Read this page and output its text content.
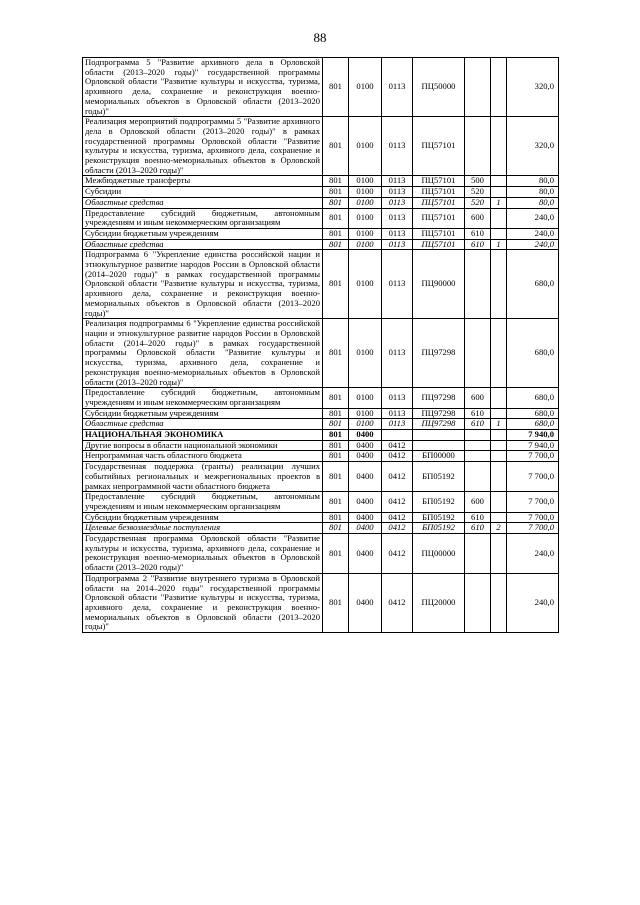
88
Подпрограмма 5 "Развитие архивного дела в Орловской области (2013–2020 годы)" государственной программы Орловской области "Развитие культуры и искусства, туризма, архивного дела, сохранение и реконструкция военно-мемориальных объектов в Орловской области (2013–2020 годы)"	801	0100	0113	ПЦ50000			320,0
Реализация мероприятий подпрограммы 5 "Развитие архивного дела в Орловской области (2013–2020 годы)" в рамках государственной программы Орловской области "Развитие культуры и искусства, туризма, архивного дела, сохранение и реконструкция военно-мемориальных объектов в Орловской области (2013–2020 годы)"	801	0100	0113	ПЦ57101			320,0
Межбюджетные трансферты	801	0100	0113	ПЦ57101	500		80,0
Субсидии	801	0100	0113	ПЦ57101	520		80,0
Областные средства	801	0100	0113	ПЦ57101	520	1	80,0
Предоставление субсидий бюджетным, автономным учреждениям и иным некоммерческим организациям	801	0100	0113	ПЦ57101	600		240,0
Субсидии бюджетным учреждениям	801	0100	0113	ПЦ57101	610		240,0
Областные средства	801	0100	0113	ПЦ57101	610	1	240,0
Подпрограмма 6 "Укрепление единства российской нации и этнокультурное развитие народов России в Орловской области (2014–2020 годы)" в рамках государственной программы Орловской области "Развитие культуры и искусства, туризма, архивного дела, сохранение и реконструкция военно-мемориальных объектов в Орловской области (2013–2020 годы)"	801	0100	0113	ПЦ90000			680,0
Реализация подпрограммы 6 "Укрепление единства российской нации и этнокультурное развитие народов России в Орловской области (2014–2020 годы)" в рамках государственной программы Орловской области "Развитие культуры и искусства, туризма, архивного дела, сохранение и реконструкция военно-мемориальных объектов в Орловской области (2013–2020 годы)"	801	0100	0113	ПЦ97298			680,0
Предоставление субсидий бюджетным, автономным учреждениям и иным некоммерческим организациям	801	0100	0113	ПЦ97298	600		680,0
Субсидии бюджетным учреждениям	801	0100	0113	ПЦ97298	610		680,0
Областные средства	801	0100	0113	ПЦ97298	610	1	680,0
НАЦИОНАЛЬНАЯ ЭКОНОМИКА	801	0400					7 940,0
Другие вопросы в области национальной экономики	801	0400	0412				7 940,0
Непрограммная часть областного бюджета	801	0400	0412	БП00000			7 700,0
Государственная поддержка (гранты) реализации лучших событийных региональных и межрегиональных проектов в рамках непрограммной части областного бюджета	801	0400	0412	БП05192			7 700,0
Предоставление субсидий бюджетным, автономным учреждениям и иным некоммерческим организациям	801	0400	0412	БП05192	600		7 700,0
Субсидии бюджетным учреждениям	801	0400	0412	БП05192	610		7 700,0
Целевые безвозмездные поступления	801	0400	0412	БП05192	610	2	7 700,0
Государственная программа Орловской области "Развитие культуры и искусства, туризма, архивного дела, сохранение и реконструкция военно-мемориальных объектов в Орловской области (2013–2020 годы)"	801	0400	0412	ПЦ00000			240,0
Подпрограмма 2 "Развитие внутреннего туризма в Орловской области на 2014–2020 годы" государственной программы Орловской области "Развитие культуры и искусства, туризма, архивного дела, сохранение и реконструкция военно-мемориальных объектов в Орловской области (2013–2020 годы)"	801	0400	0412	ПЦ20000			240,0
